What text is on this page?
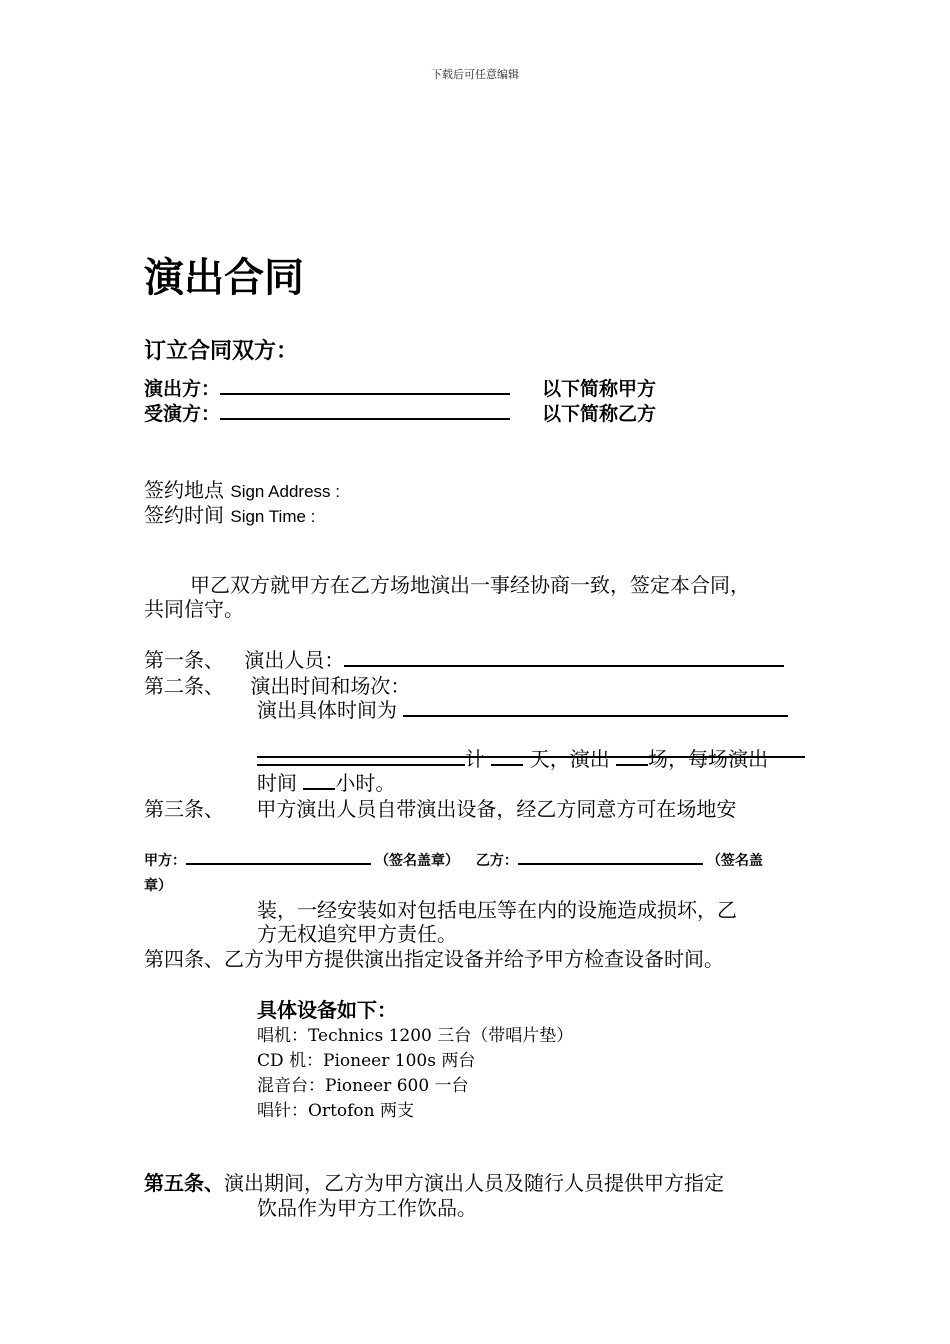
下载后可任意编辑
演出合同
订立合同双方：
演出方：	以下简称甲方
受演方：	以下简称乙方
签约地点 Sign Address :
签约时间 Sign Time :
甲乙双方就甲方在乙方场地演出一事经协商一致，签定本合同，
共同信守。
第一条、 演出人员：
第二条、 演出时间和场次：
演出具体时间为
计 天，演出 场，每场演出
时间 小时。
第三条、 甲方演出人员自带演出设备，经乙方同意方可在场地安
甲方：	（签名盖章） 乙方：	（签名盖
章）
装，一经安装如对包括电压等在内的设施造成损坏，乙
方无权追究甲方责任。
第四条、乙方为甲方提供演出指定设备并给予甲方检查设备时间。
具体设备如下：
唱机：Technics 1200 三台（带唱片垫）
CD 机：Pioneer 100s 两台
混音台：Pioneer 600 一台
唱针：Ortofon 两支
第五条、演出期间，乙方为甲方演出人员及随行人员提供甲方指定
饮品作为甲方工作饮品。
